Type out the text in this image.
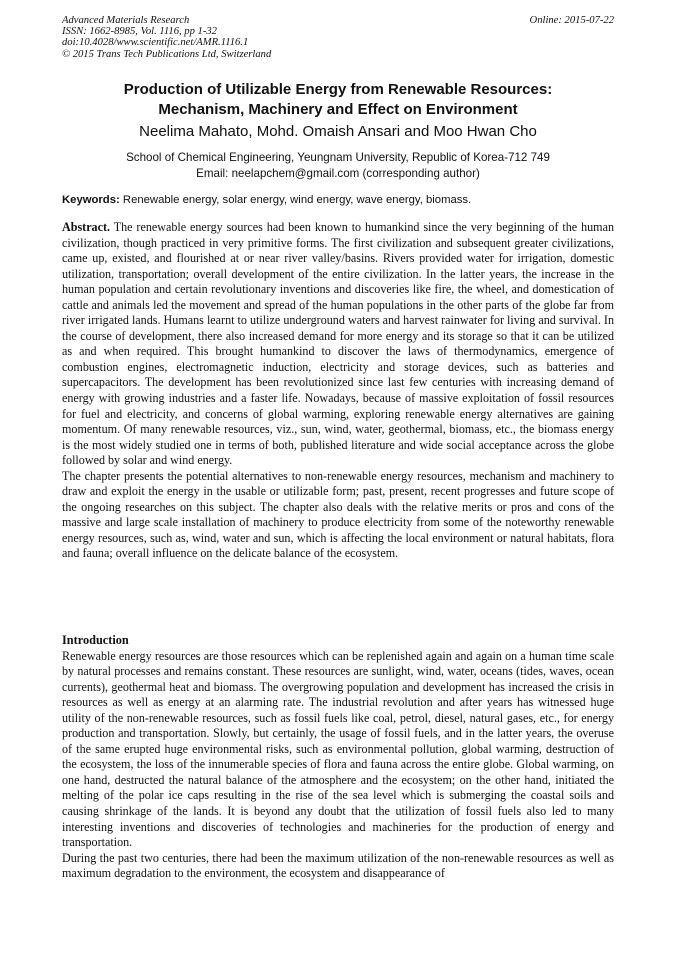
Advanced Materials Research
ISSN: 1662-8985, Vol. 1116, pp 1-32
doi:10.4028/www.scientific.net/AMR.1116.1
© 2015 Trans Tech Publications Ltd, Switzerland
Online: 2015-07-22
Production of Utilizable Energy from Renewable Resources:
Mechanism, Machinery and Effect on Environment
Neelima Mahato, Mohd. Omaish Ansari and Moo Hwan Cho
School of Chemical Engineering, Yeungnam University, Republic of Korea-712 749
Email: neelapchem@gmail.com (corresponding author)
Keywords: Renewable energy, solar energy, wind energy, wave energy, biomass.

Abstract. The renewable energy sources had been known to humankind since the very beginning of the human civilization, though practiced in very primitive forms. The first civilization and subsequent greater civilizations, came up, existed, and flourished at or near river valley/basins. Rivers provided water for irrigation, domestic utilization, transportation; overall development of the entire civilization. In the latter years, the increase in the human population and certain revolutionary inventions and discoveries like fire, the wheel, and domestication of cattle and animals led the movement and spread of the human populations in the other parts of the globe far from river irrigated lands. Humans learnt to utilize underground waters and harvest rainwater for living and survival. In the course of development, there also increased demand for more energy and its storage so that it can be utilized as and when required. This brought humankind to discover the laws of thermodynamics, emergence of combustion engines, electromagnetic induction, electricity and storage devices, such as batteries and supercapacitors. The development has been revolutionized since last few centuries with increasing demand of energy with growing industries and a faster life. Nowadays, because of massive exploitation of fossil resources for fuel and electricity, and concerns of global warming, exploring renewable energy alternatives are gaining momentum. Of many renewable resources, viz., sun, wind, water, geothermal, biomass, etc., the biomass energy is the most widely studied one in terms of both, published literature and wide social acceptance across the globe followed by solar and wind energy.

The chapter presents the potential alternatives to non-renewable energy resources, mechanism and machinery to draw and exploit the energy in the usable or utilizable form; past, present, recent progresses and future scope of the ongoing researches on this subject. The chapter also deals with the relative merits or pros and cons of the massive and large scale installation of machinery to produce electricity from some of the noteworthy renewable energy resources, such as, wind, water and sun, which is affecting the local environment or natural habitats, flora and fauna; overall influence on the delicate balance of the ecosystem.

Introduction

Renewable energy resources are those resources which can be replenished again and again on a human time scale by natural processes and remains constant. These resources are sunlight, wind, water, oceans (tides, waves, ocean currents), geothermal heat and biomass. The overgrowing population and development has increased the crisis in resources as well as energy at an alarming rate. The industrial revolution and after years has witnessed huge utility of the non-renewable resources, such as fossil fuels like coal, petrol, diesel, natural gases, etc., for energy production and transportation. Slowly, but certainly, the usage of fossil fuels, and in the latter years, the overuse of the same erupted huge environmental risks, such as environmental pollution, global warming, destruction of the ecosystem, the loss of the innumerable species of flora and fauna across the entire globe. Global warming, on one hand, destructed the natural balance of the atmosphere and the ecosystem; on the other hand, initiated the melting of the polar ice caps resulting in the rise of the sea level which is submerging the coastal soils and causing shrinkage of the lands. It is beyond any doubt that the utilization of fossil fuels also led to many interesting inventions and discoveries of technologies and machineries for the production of energy and transportation.

During the past two centuries, there had been the maximum utilization of the non-renewable resources as well as maximum degradation to the environment, the ecosystem and disappearance of
